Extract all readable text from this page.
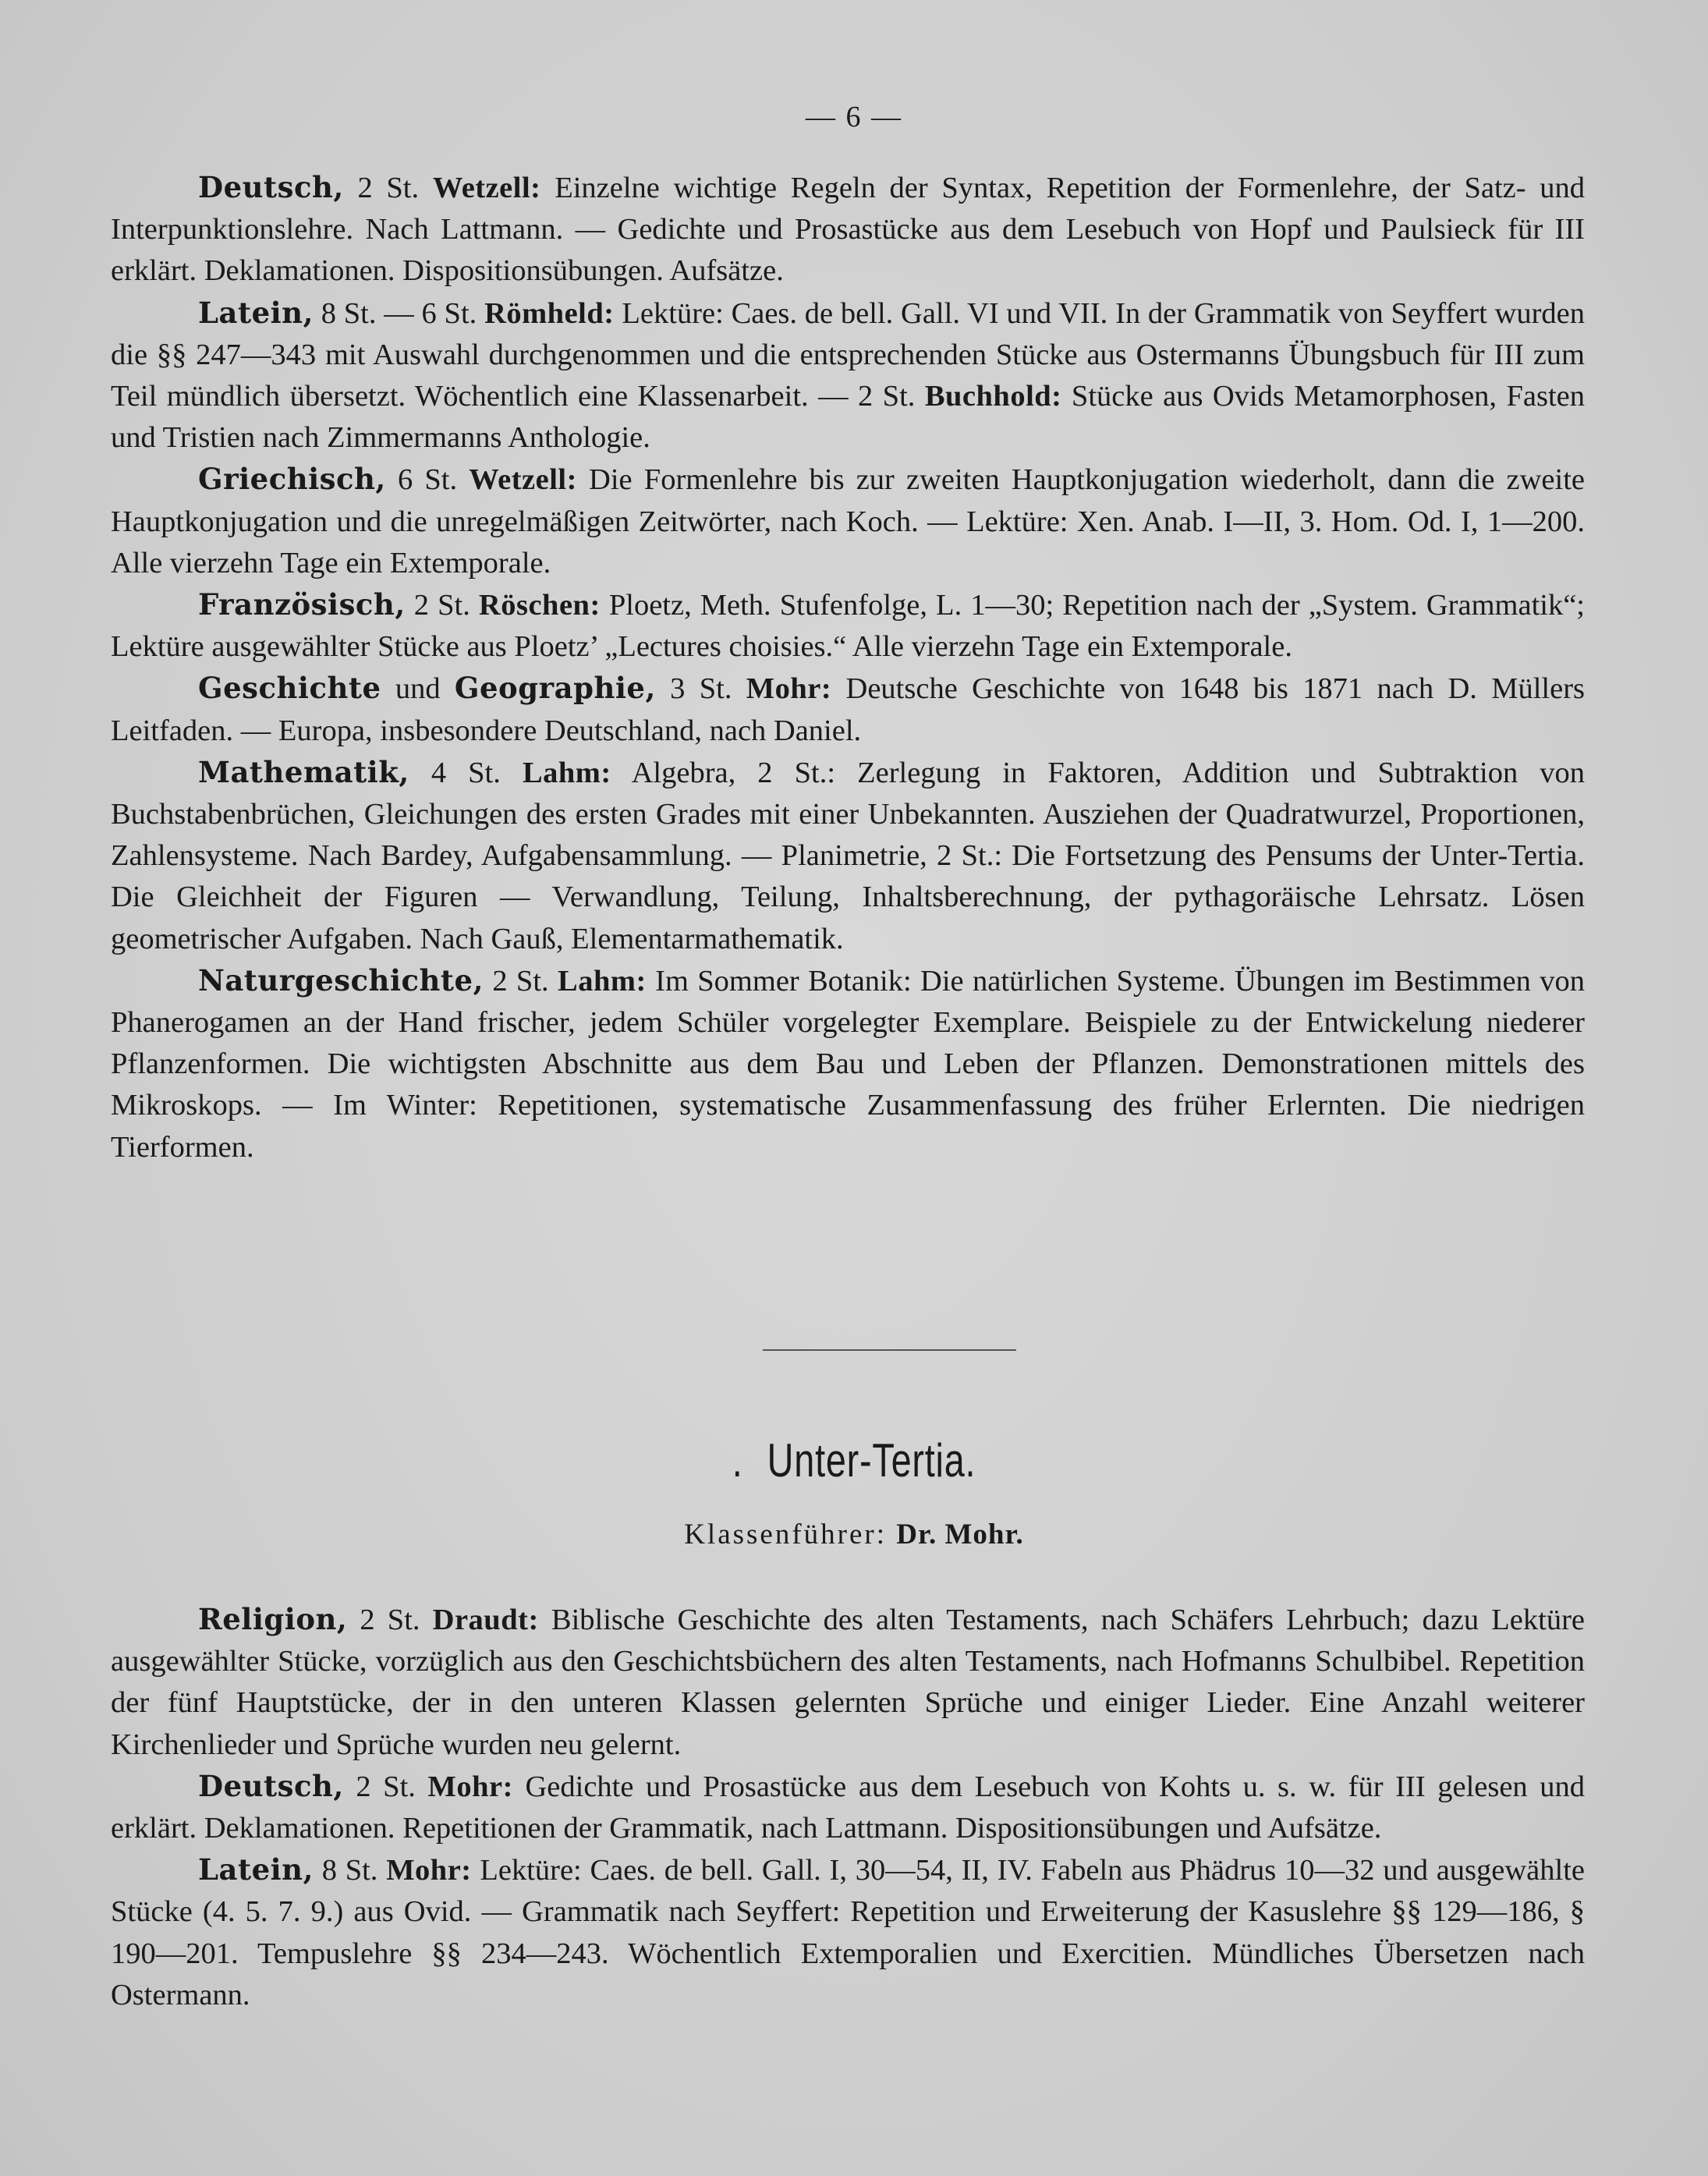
— 6 —

Deutsch, 2 St. Wetzell: Einzelne wichtige Regeln der Syntax, Repetition der Formenlehre, der Satz- und Interpunktionslehre. Nach Lattmann. — Gedichte und Prosastücke aus dem Lesebuch von Hopf und Paulsieck für III erklärt. Deklamationen. Dispositionsübungen. Aufsätze.

Latein, 8 St. — 6 St. Römheld: Lektüre: Caes. de bell. Gall. VI und VII. In der Grammatik von Seyffert wurden die §§ 247—343 mit Auswahl durchgenommen und die entsprechenden Stücke aus Ostermanns Übungsbuch für III zum Teil mündlich übersetzt. Wöchentlich eine Klassenarbeit. — 2 St. Buchhold: Stücke aus Ovids Metamorphosen, Fasten und Tristien nach Zimmermanns Anthologie.

Griechisch, 6 St. Wetzell: Die Formenlehre bis zur zweiten Hauptkonjugation wiederholt, dann die zweite Hauptkonjugation und die unregelmäßigen Zeitwörter, nach Koch. — Lektüre: Xen. Anab. I—II, 3. Hom. Od. I, 1—200. Alle vierzehn Tage ein Extemporale.

Französisch, 2 St. Röschen: Ploetz, Meth. Stufenfolge, L. 1—30; Repetition nach der „System. Grammatik“; Lektüre ausgewählter Stücke aus Ploetz’ „Lectures choisies.“ Alle vierzehn Tage ein Extemporale.

Geschichte und Geographie, 3 St. Mohr: Deutsche Geschichte von 1648 bis 1871 nach D. Müllers Leitfaden. — Europa, insbesondere Deutschland, nach Daniel.

Mathematik, 4 St. Lahm: Algebra, 2 St.: Zerlegung in Faktoren, Addition und Subtraktion von Buchstabenbrüchen, Gleichungen des ersten Grades mit einer Unbekannten. Ausziehen der Quadratwurzel, Proportionen, Zahlensysteme. Nach Bardey, Aufgabensammlung. — Planimetrie, 2 St.: Die Fortsetzung des Pensums der Unter-Tertia. Die Gleichheit der Figuren — Verwandlung, Teilung, Inhaltsberechnung, der pythagoräische Lehrsatz. Lösen geometrischer Aufgaben. Nach Gauß, Elementarmathematik.

Naturgeschichte, 2 St. Lahm: Im Sommer Botanik: Die natürlichen Systeme. Übungen im Bestimmen von Phanerogamen an der Hand frischer, jedem Schüler vorgelegter Exemplare. Beispiele zu der Entwickelung niederer Pflanzenformen. Die wichtigsten Abschnitte aus dem Bau und Leben der Pflanzen. Demonstrationen mittels des Mikroskops. — Im Winter: Repetitionen, systematische Zusammenfassung des früher Erlernten. Die niedrigen Tierformen.

. Unter-Tertia.
Klassenführer: Dr. Mohr.

Religion, 2 St. Draudt: Biblische Geschichte des alten Testaments, nach Schäfers Lehrbuch; dazu Lektüre ausgewählter Stücke, vorzüglich aus den Geschichtsbüchern des alten Testaments, nach Hofmanns Schulbibel. Repetition der fünf Hauptstücke, der in den unteren Klassen gelernten Sprüche und einiger Lieder. Eine Anzahl weiterer Kirchenlieder und Sprüche wurden neu gelernt.

Deutsch, 2 St. Mohr: Gedichte und Prosastücke aus dem Lesebuch von Kohts u. s. w. für III gelesen und erklärt. Deklamationen. Repetitionen der Grammatik, nach Lattmann. Dispositionsübungen und Aufsätze.

Latein, 8 St. Mohr: Lektüre: Caes. de bell. Gall. I, 30—54, II, IV. Fabeln aus Phädrus 10—32 und ausgewählte Stücke (4. 5. 7. 9.) aus Ovid. — Grammatik nach Seyffert: Repetition und Erweiterung der Kasuslehre §§ 129—186, § 190—201. Tempuslehre §§ 234—243. Wöchentlich Extemporalien und Exercitien. Mündliches Übersetzen nach Ostermann.
